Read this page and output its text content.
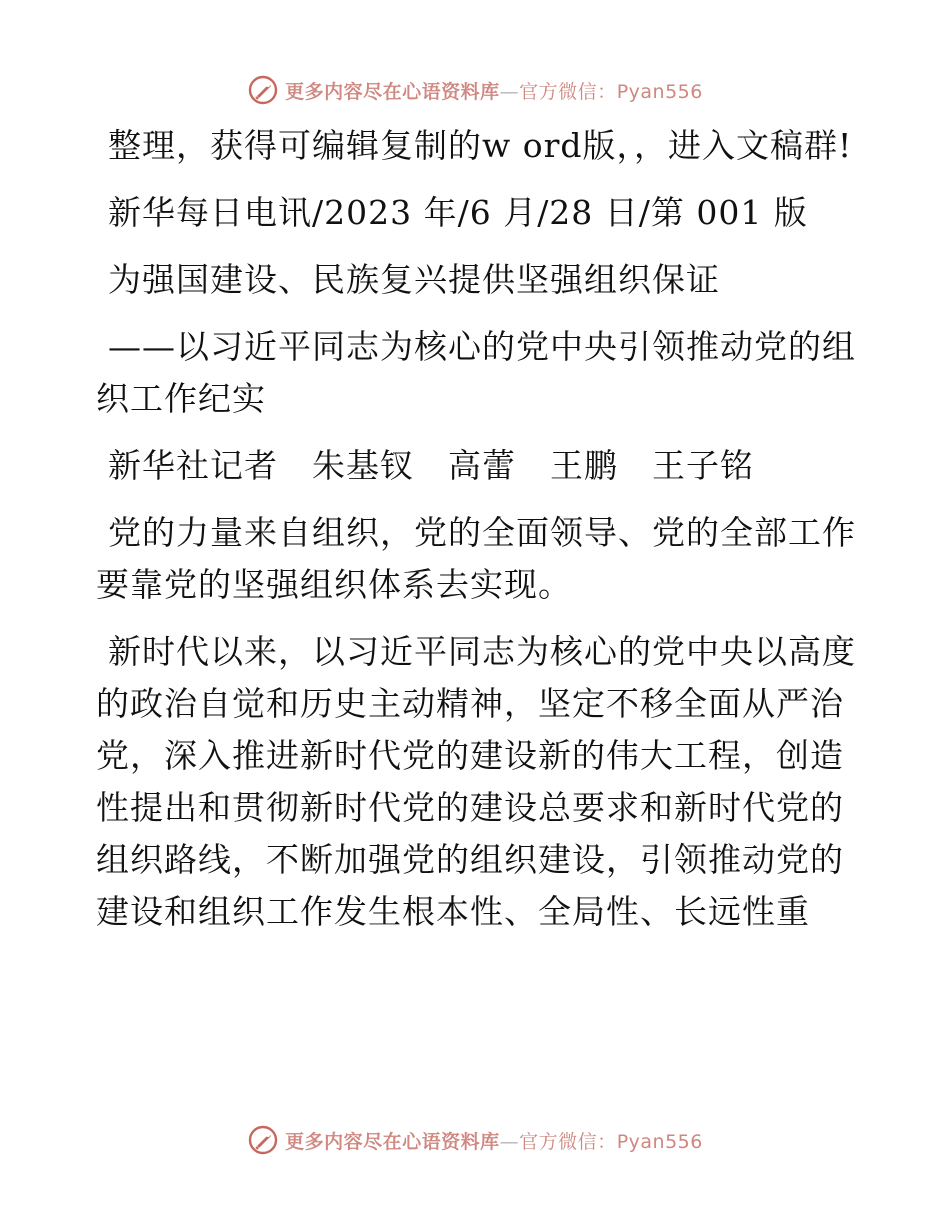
更多内容尽在心语资料库—官方微信：Pyan556

整理，获得可编辑复制的w ord版，，进入文稿群!

新华每日电讯/2023 年/6 月/28 日/第 001 版

为强国建设、民族复兴提供坚强组织保证

——以习近平同志为核心的党中央引领推动党的组织工作纪实

新华社记者　朱基钗　高蕾　王鹏　王子铭

党的力量来自组织，党的全面领导、党的全部工作要靠党的坚强组织体系去实现。

新时代以来，以习近平同志为核心的党中央以高度的政治自觉和历史主动精神，坚定不移全面从严治党，深入推进新时代党的建设新的伟大工程，创造性提出和贯彻新时代党的建设总要求和新时代党的组织路线，不断加强党的组织建设，引领推动党的建设和组织工作发生根本性、全局性、长远性重

更多内容尽在心语资料库—官方微信：Pyan556
